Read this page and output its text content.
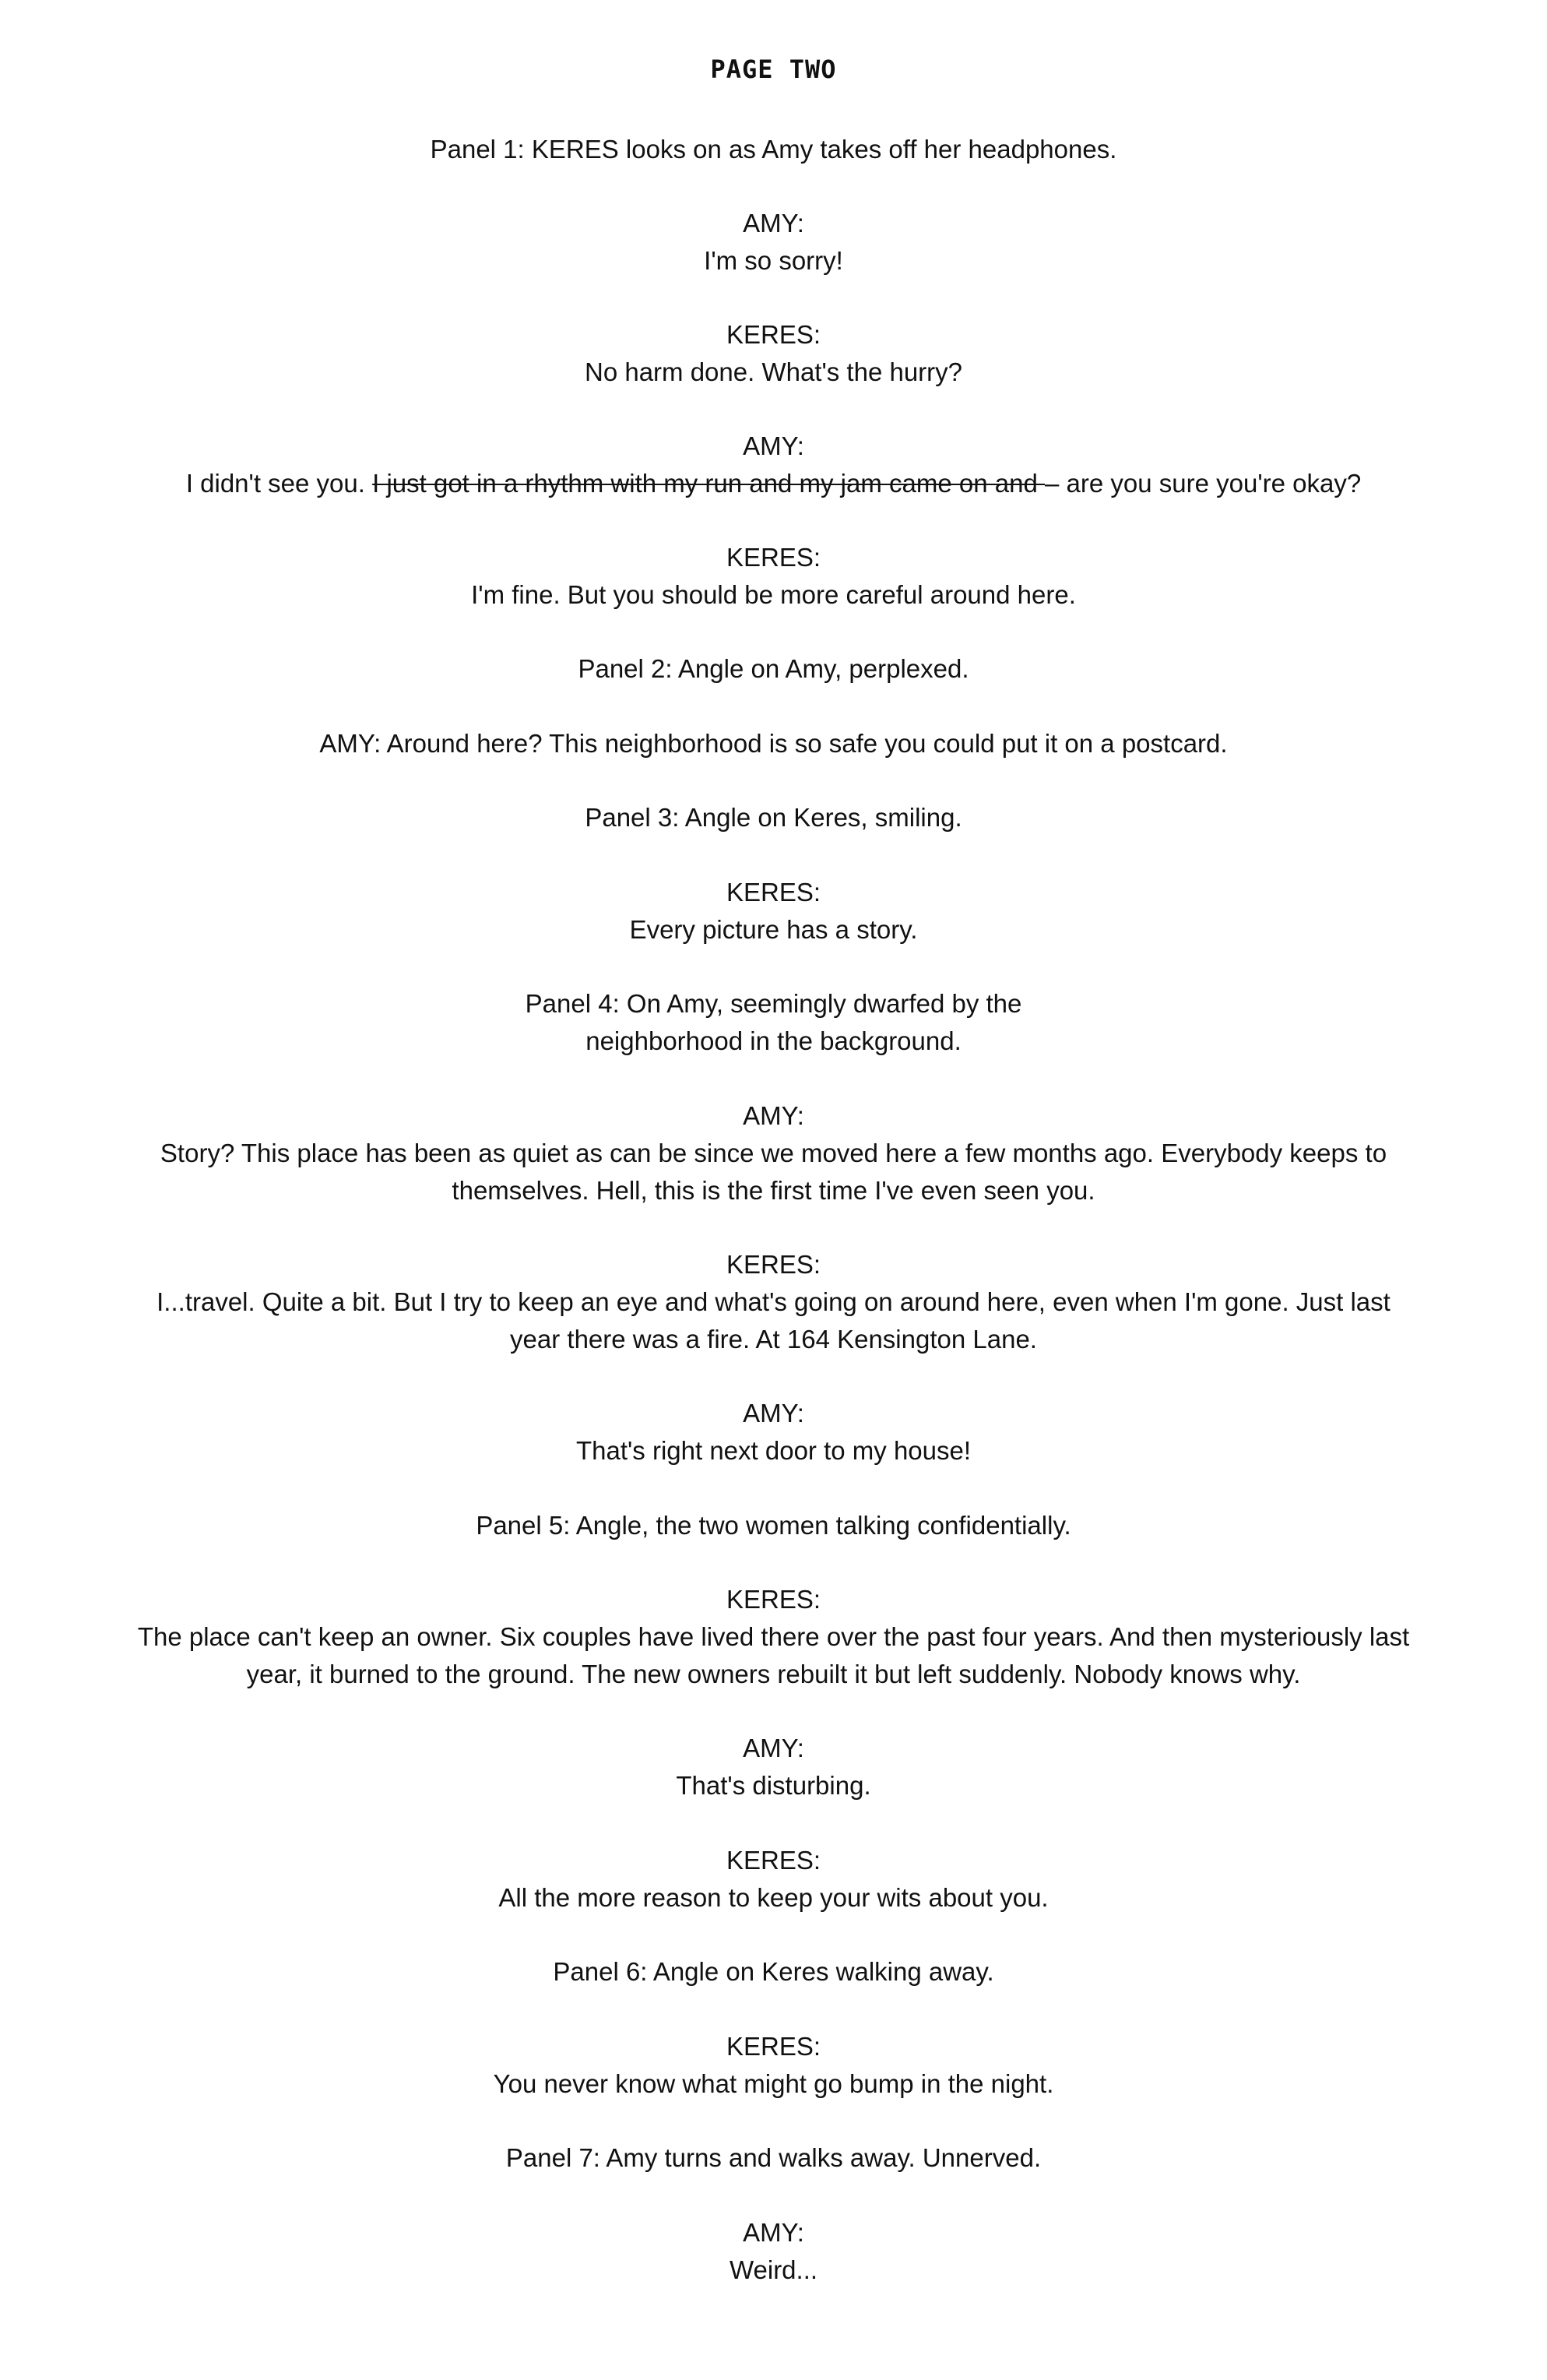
PAGE TWO
Panel 1: KERES looks on as Amy takes off her headphones.
AMY:
I'm so sorry!
KERES:
No harm done. What's the hurry?
AMY:
I didn't see you. I just got in a rhythm with my run and my jam came on and – are you sure you're okay?
KERES:
I'm fine. But you should be more careful around here.
Panel 2: Angle on Amy, perplexed.
AMY: Around here? This neighborhood is so safe you could put it on a postcard.
Panel 3: Angle on Keres, smiling.
KERES:
Every picture has a story.
Panel 4: On Amy, seemingly dwarfed by the
neighborhood in the background.
AMY:
Story? This place has been as quiet as can be since we moved here a few months ago. Everybody keeps to
themselves. Hell, this is the first time I've even seen you.
KERES:
I...travel. Quite a bit. But I try to keep an eye and what's going on around here, even when I'm gone. Just last
year there was a fire. At 164 Kensington Lane.
AMY:
That's right next door to my house!
Panel 5: Angle, the two women talking confidentially.
KERES:
The place can't keep an owner. Six couples have lived there over the past four years. And then mysteriously last
year, it burned to the ground. The new owners rebuilt it but left suddenly. Nobody knows why.
AMY:
That's disturbing.
KERES:
All the more reason to keep your wits about you.
Panel 6: Angle on Keres walking away.
KERES:
You never know what might go bump in the night.
Panel 7: Amy turns and walks away. Unnerved.
AMY:
Weird...
